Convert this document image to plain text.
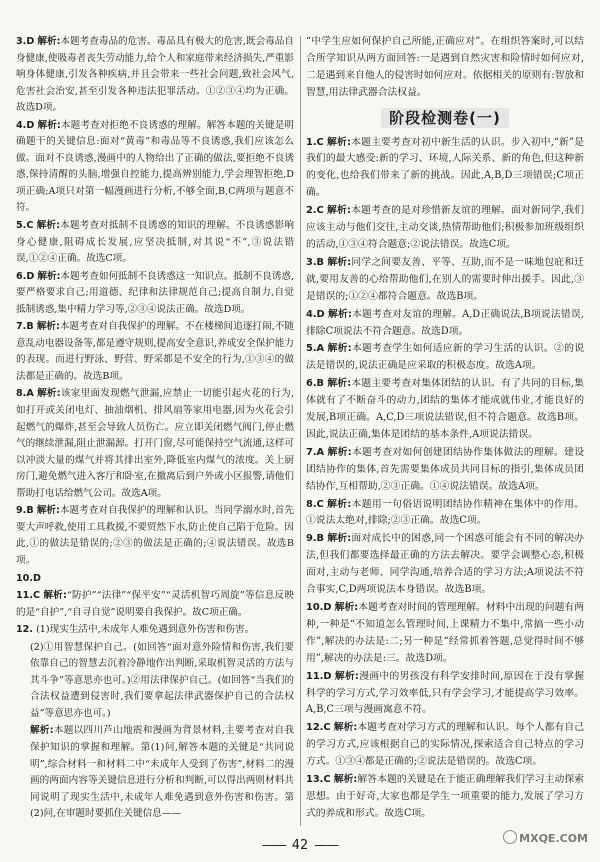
3.D 解析:本题考查毒品的危害。毒品具有极大的危害,既会毒品自身健康,使吸毒者丧失劳动能力,给个人和家庭带来经济损失,严重影响身体健康,引发各种疾病,并且会带来一些社会问题,致社会风气,危害社会治安,甚至引发各种违法犯罪活动。①②③④均为正确。故选D项。

4.D 解析:本题考查对拒绝不良诱惑的理解。解答本题的关键是明确题干的关键信息:面对“黄毒”和毒品等不良诱惑,我们应该怎么做。面对不良诱惑,漫画中的人物给出了正确的做法,要拒绝不良诱惑,保持清醒的头脑,增强自控能力,提高辨别能力,学会理智拒绝,D项正确;A项只对第一幅漫画进行分析,不够全面,B,C两项与题意不符。

5.C 解析:本题考查对抵制不良诱惑的知识的理解。不良诱惑影响身心健康,阻碍成长发展,应坚决抵制,对其说“不”,③说法错误,①②④正确。故选C项。

6.D 解析:本题考查如何抵制不良诱惑这一知识点。抵制不良诱惑,要严格要求自己;用道德、纪律和法律规范自己;提高自制力,自觉抵制诱惑,集中精力学习等,②③④说法正确。故选D项。

7.B 解析:本题考查对自我保护的理解。不在楼梯间追逐打闹,不随意乱动电器设备等,都是遵守规则,提高安全意识,养成安全保护能力的表现。而进行野泳、野营、野采都是不安全的行为,①③④的做法都是正确的。故选B项。

8.A 解析:该家里面发现燃气泄漏,应禁止一切能引起火花的行为,如打开或关闭电灯、抽油烟机、排风扇等家用电器,因为火花会引起燃气的爆炸,甚至会导致人员伤亡。应立即关闭燃气阀门,停止燃气的继续泄漏,阻止泄漏源。打开门窗,尽可能保持空气流通,这样可以冲淡大量的煤气并将其排出室外,降低室内煤气的浓度。关上厨房门,避免燃气进入客厅和卧室,在撤离后到户外或小区报警,请他们帮助打电话给燃气公司。故选A项。

9.B 解析:本题考查对自我保护的理解和认识。当同学溺水时,首先要大声呼救,使用工具救援,不要贸然下水,防止使自己陷于危险。因此,①的做法是错误的;②③的做法是正确的;④说法错误。故选B项。

10.D

11.C 解析:“防护”“法律”“保平安”“灵活机智巧周旋”等信息反映的是“自护”,“自寻自觉”说明要自我保护。故C项正确。

12. (1)现实生活中,未成年人难免遇到意外伤害和伤害。

(2)①用智慧保护自己。(如回答“面对意外险情和伤害,我们要依靠自己的智慧去沉着冷静地作出判断,采取机智灵活的方法与其斗争”等意思亦也可。)②用法律保护自己。(如回答“当我们的合法权益遭到侵害时,我们要拿起法律武器保护自己的合法权益”等意思亦也可。)

解析:本题以四川芦山地震和漫画为背景材料,主要考查对自我保护知识的掌握和理解。第(1)问,解答本题的关键是“共同说明”,综合材料一和材料二中“未成年人受到了伤害”,材料二的漫画的两面内容等关键信息进行分析和判断,可以得出两则材料共同说明了现实生活中,未成年人难免遇到意外伤害和伤害。第(2)问,在审题时要抓住关键信息——

“中学生应如何保护自己所能,正确应对”。在组织答案时,可以结合所学知识从两方面回答:一是遇到自然灾害和险情时如何应对,二是遇到来自他人的侵害时如何应对。依据相关的原则有:智放和智慧,用法律武器合法权益。

阶段检测卷(一)

1.C 解析:本题主要考查对初中新生活的认识。步入初中,“新”是我们的最大感受:新的学习、环境,人际关系、新的角色,但这种新的变化,也给我们带来了新的挑战。因此,A,B,D三项错误;C项正确。

2.C 解析:本题考查的是对珍惜新友谊的理解。面对新同学,我们应该主动与他们交往,主动交谈,热情帮助他们;积极参加班级组织的活动,①③④符合题意;②说法错误。故选C项。

3.B 解析:同学之间要友善、平等、互助,而不是一味地包庇和迁就,要用友善的心给帮助他们,在别人的需要时伸出援手。因此,③是错误的;①②④都符合题意。故选B项。

4.D 解析:本题考查对友谊的理解。A,D正确说法,B项说法错误,排除C项说法不符合题意。故选D项。

5.A 解析:本题考查学生如何适应新的学习生活的认识。②的说法是错误的,说法正确是应采取的积极态度。故选A项。

6.B 解析:本题主要考查对集体团结的认识。有了共同的目标,集体就有了不断奋斗的动力,团结的集体才能成就伟业,才能良好的发展,B项正确。A,C,D三项说法错误,但不符合题意。故选B项。因此,说法正确,集体是团结的基本条件,A项说法错误。

7.A 解析:本题考查对如何创建团结协作集体做法的理解。建设团结协作的集体,首先需要集体成员共同目标的指引,集体成员团结协作,互相帮助,②③正确。①④说法错误。故选A项。

8.C 解析:本题用一句俗语说明团结协作精神在集体中的作用。①说法太绝对,排除;②③正确。故选C项。

9.B 解析:面对成长中的困惑,同一个困惑可能会有不同的解决办法,但我们都要选择最正确的方法去解决。要学会调整心态,积极面对,主动与老师、同学沟通,培养合适的学习方法;A项说法不符合事实,C,D两项说法本身错误。故选B项。

10.D 解析:本题考查对时间的管理理解。材料中出现的问题有两种,一种是“不知道怎么管理时间,上课精力不集中,常搞一些小动作”,解决的办法是:二;另一种是“经常抓着答题,总觉得时间不够用”,解决的办法是:三。故选D项。

11.D 解析:漫画中的男孩没有科学安排时间,原因在于没有掌握科学的学习方式,学习效率低,只有学会学习,才能提高学习效率。A,B,C三项与漫画寓意不符。

12.C 解析:本题考查对学习方式的理解和认识。每个人都有自己的学习方式,应该根据自己的实际情况,探索适合自己特点的学习方式。①③④都是正确的;②说法是错误的。故选C项。

13.C 解析:解答本题的关键是在于能正确理解我们学习主动探索思想。由于好奇,大家也都是学生一项重要的能力,发展了学习方式的养成和形式。故选C项。

—— 42 ——	MXQE.COM
